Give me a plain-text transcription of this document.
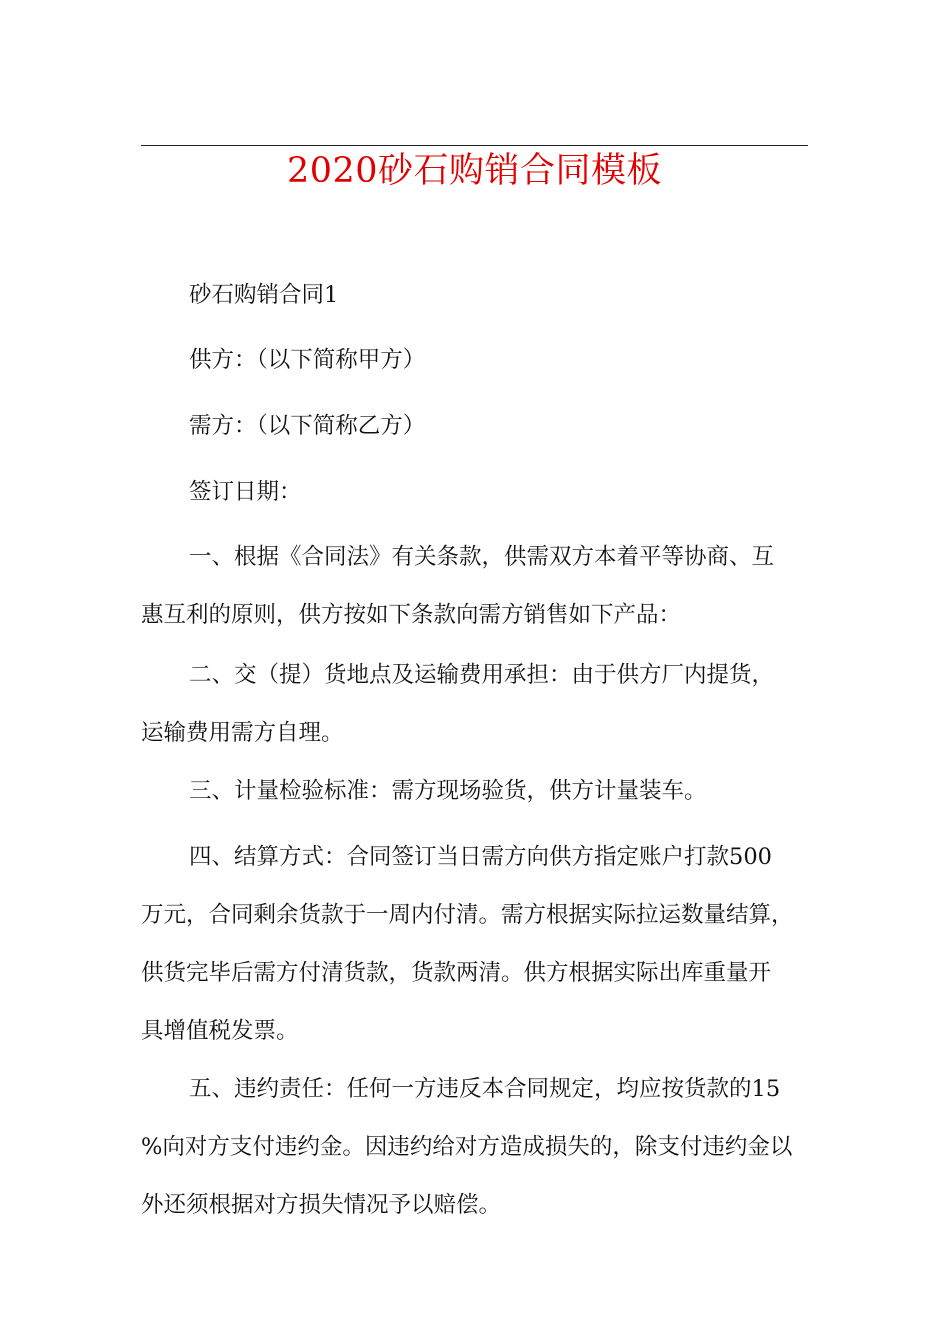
2020砂石购销合同模板
砂石购销合同1
供方：（以下简称甲方）
需方：（以下简称乙方）
签订日期：
一、根据《合同法》有关条款，供需双方本着平等协商、互
惠互利的原则，供方按如下条款向需方销售如下产品：
二、交（提）货地点及运输费用承担：由于供方厂内提货，
运输费用需方自理。
三、计量检验标准：需方现场验货，供方计量装车。
四、结算方式：合同签订当日需方向供方指定账户打款500
万元，合同剩余货款于一周内付清。需方根据实际拉运数量结算，
供货完毕后需方付清货款，货款两清。供方根据实际出库重量开
具增值税发票。
五、违约责任：任何一方违反本合同规定，均应按货款的15
%向对方支付违约金。因违约给对方造成损失的，除支付违约金以
外还须根据对方损失情况予以赔偿。
